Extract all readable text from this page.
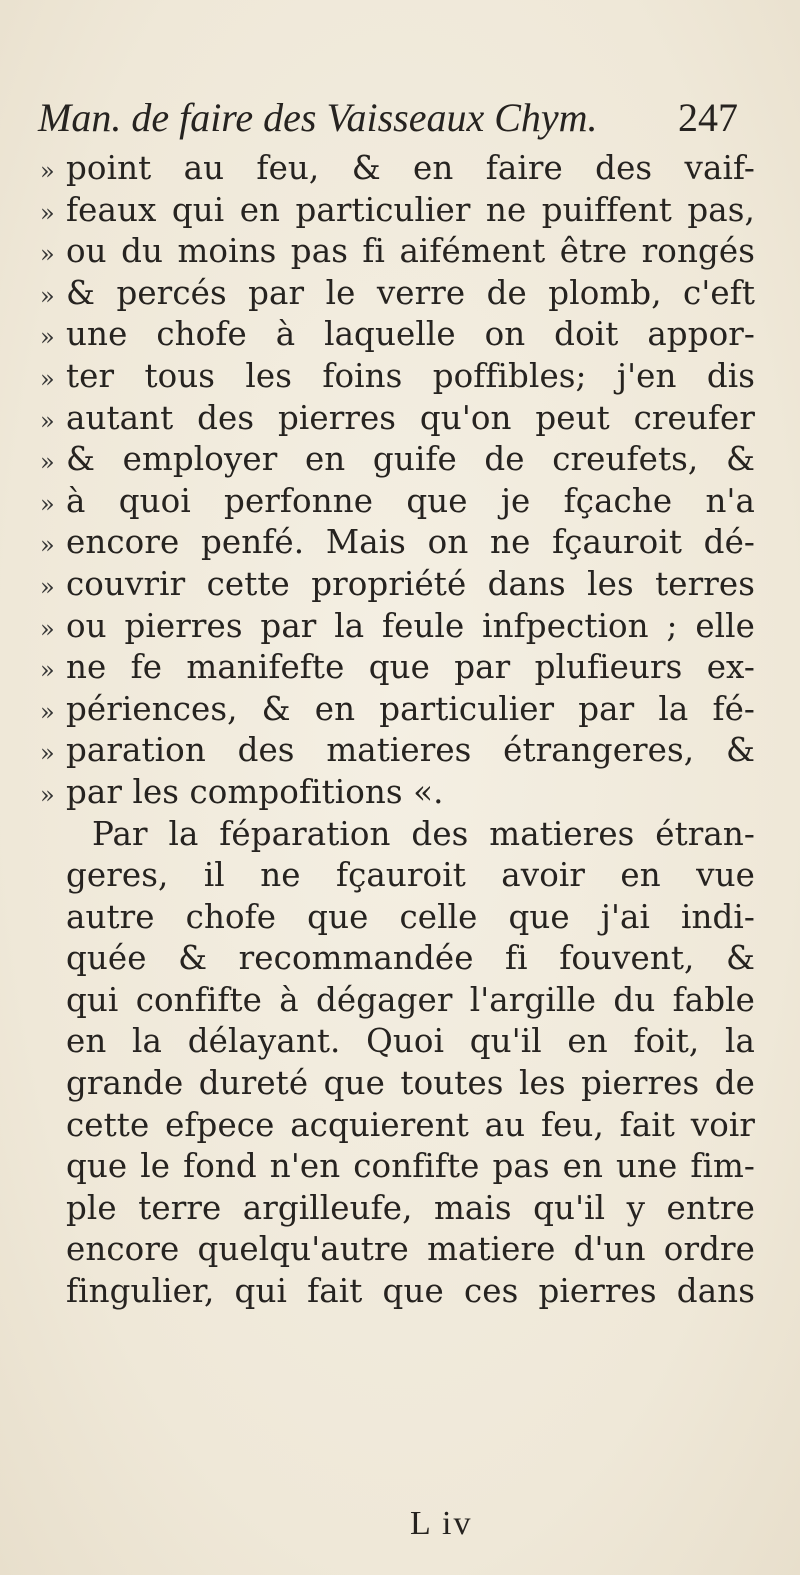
Man. de faire des Vaisseaux Chym. 247
» point au feu, & en faire des vaif-
» feaux qui en particulier ne puiffent pas,
» ou du moins pas fi aifément être rongés
» & percés par le verre de plomb, c'eft
» une chofe à laquelle on doit appor-
» ter tous les foins poffibles; j'en dis
» autant des pierres qu'on peut creufer
» & employer en guife de creufets, &
» à quoi perfonne que je fçache n'a
» encore penfé. Mais on ne fçauroit dé-
» couvrir cette propriété dans les terres
» ou pierres par la feule infpection ; elle
» ne fe manifefte que par plufieurs ex-
» périences, & en particulier par la fé-
» paration des matieres étrangeres, &
» par les compofitions «.
Par la féparation des matieres étran-
geres, il ne fçauroit avoir en vue
autre chofe que celle que j'ai indi-
quée & recommandée fi fouvent, &
qui confifte à dégager l'argille du fable
en la délayant. Quoi qu'il en foit, la
grande dureté que toutes les pierres de
cette efpece acquierent au feu, fait voir
que le fond n'en confifte pas en une fim-
ple terre argilleufe, mais qu'il y entre
encore quelqu'autre matiere d'un ordre
fingulier, qui fait que ces pierres dans
L iv
